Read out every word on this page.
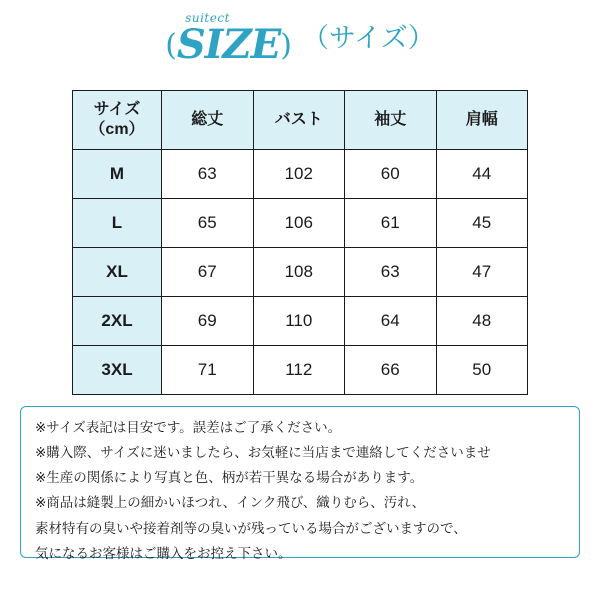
(
suitect
SIZE ) （サイズ）
サイズ
（cm）	総丈	バスト	袖丈	肩幅
M	63	102	60	44
L	65	106	61	45
XL	67	108	63	47
2XL	69	110	64	48
3XL	71	112	66	50

※サイズ表記は目安です。誤差はご了承ください。

※購入際、サイズに迷いましたら、お気軽に当店まで連絡してくださいませ

※生産の関係により写真と色、柄が若干異なる場合があります。

※商品は縫製上の細かいほつれ、インク飛び、織りむら、汚れ、

素材特有の臭いや接着剤等の臭いが残っている場合がございますので、

気になるお客様はご購入をお控え下さい。
